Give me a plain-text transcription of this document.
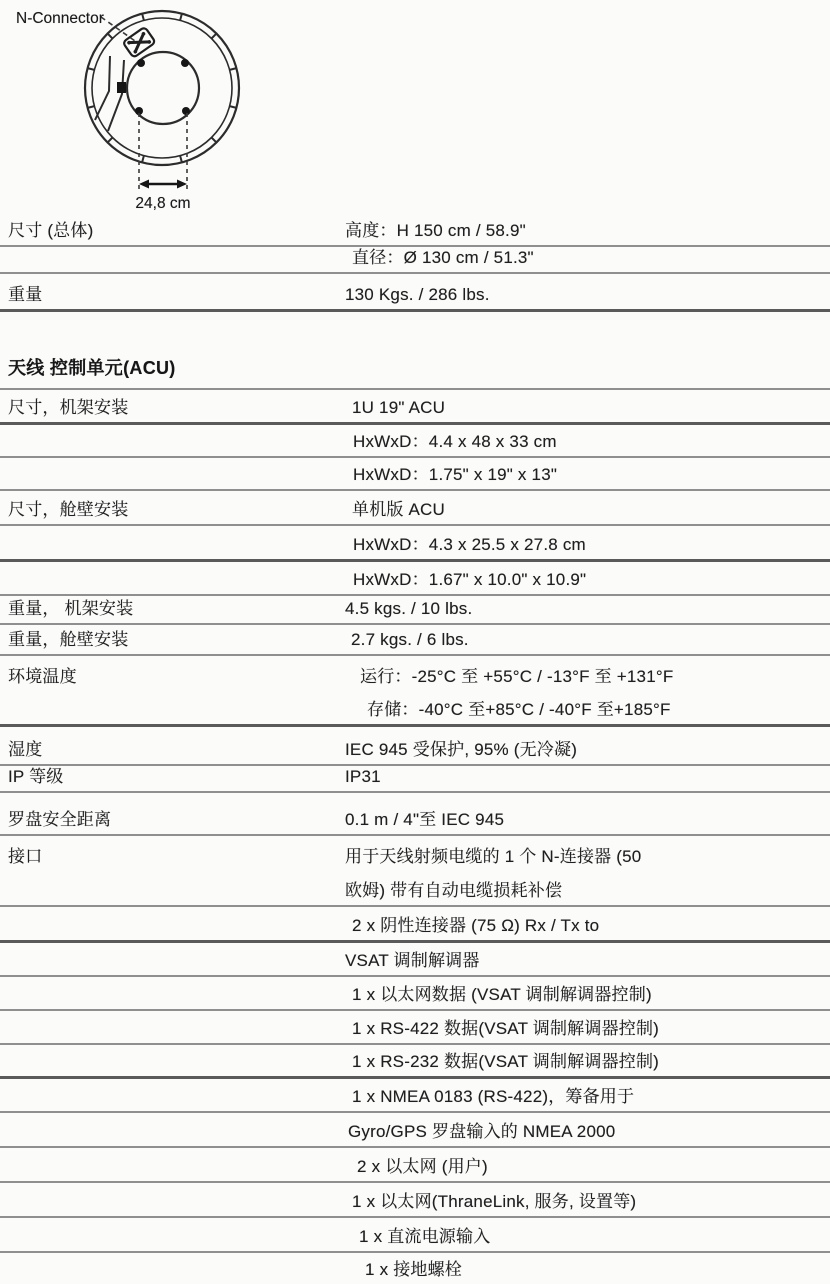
N-Connector
24,8 cm
尺寸 (总体)	高度：H 150 cm / 58.9"
直径：Ø 130 cm / 51.3"
重量	130 Kgs. / 286 lbs.
天线 控制单元(ACU)
尺寸，机架安装	1U 19" ACU
HxWxD：4.4 x 48 x 33 cm
HxWxD：1.75" x 19" x 13"
尺寸，舱壁安装	单机版 ACU
HxWxD：4.3 x 25.5 x 27.8 cm
HxWxD：1.67" x 10.0" x 10.9"
重量， 机架安装	4.5 kgs. / 10 lbs.
重量，舱壁安装	2.7 kgs. / 6 lbs.
环境温度	运行：-25°C 至 +55°C / -13°F 至 +131°F
存储：-40°C 至+85°C / -40°F 至+185°F
湿度	IEC 945 受保护, 95% (无冷凝)
IP 等级	IP31
罗盘安全距离	0.1 m / 4"至 IEC 945
接口	用于天线射频电缆的 1 个 N-连接器 (50
欧姆) 带有自动电缆损耗补偿
2 x 阴性连接器 (75 Ω) Rx / Tx to
VSAT 调制解调器
1 x 以太网数据 (VSAT 调制解调器控制)
1 x RS-422 数据(VSAT 调制解调器控制)
1 x RS-232 数据(VSAT 调制解调器控制)
1 x NMEA 0183 (RS-422)，筹备用于
Gyro/GPS 罗盘输入的 NMEA 2000
2 x 以太网 (用户)
1 x 以太网(ThraneLink, 服务, 设置等)
1 x 直流电源输入
1 x 接地螺栓
